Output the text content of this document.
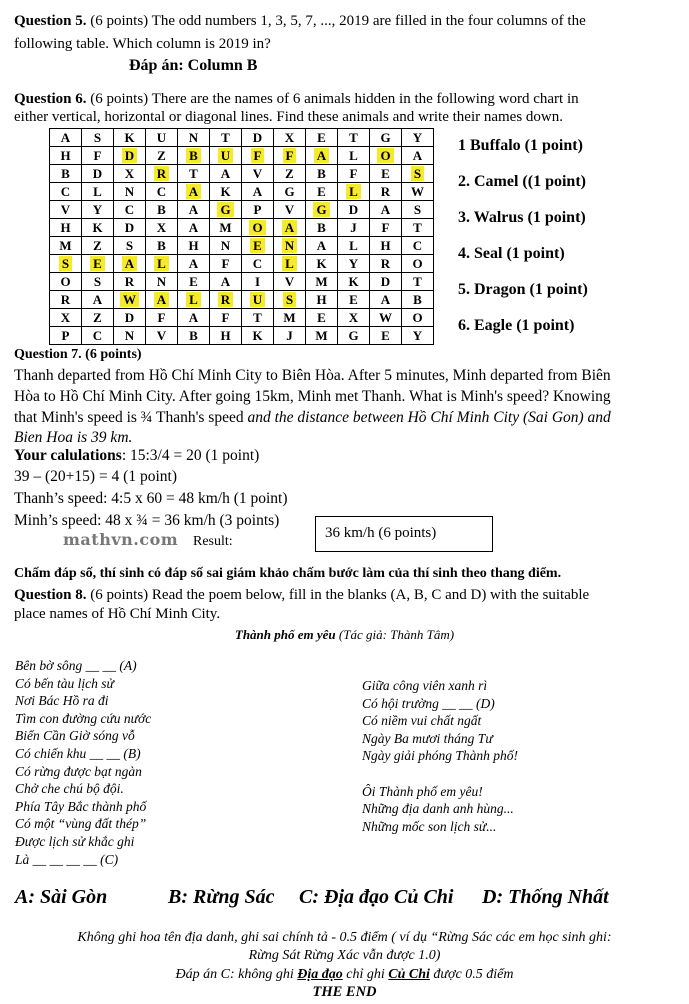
Question 5. (6 points) The odd numbers 1, 3, 5, 7, ..., 2019 are filled in the four columns of the
following table. Which column is 2019 in?
Đáp án: Column B
Question 6. (6 points) There are the names of 6 animals hidden in the following word chart in
either vertical, horizontal or diagonal lines. Find these animals and write their names down.
A	S	K	U	N	T	D	X	E	T	G	Y
H	F	D	Z	B	U	F	F	A	L	O	A
B	D	X	R	T	A	V	Z	B	F	E	S
C	L	N	C	A	K	A	G	E	L	R	W
V	Y	C	B	A	G	P	V	G	D	A	S
H	K	D	X	A	M	O	A	B	J	F	T
M	Z	S	B	H	N	E	N	A	L	H	C
S	E	A	L	A	F	C	L	K	Y	R	O
O	S	R	N	E	A	I	V	M	K	D	T
R	A	W	A	L	R	U	S	H	E	A	B
X	Z	D	F	A	F	T	M	E	X	W	O
P	C	N	V	B	H	K	J	M	G	E	Y
1 Buffalo (1 point)
2. Camel ((1 point)
3. Walrus (1 point)
4. Seal (1 point)
5. Dragon (1 point)
6. Eagle (1 point)
Question 7. (6 points)
Thanh departed from Hồ Chí Minh City to Biên Hòa. After 5 minutes, Minh departed from Biên
Hòa to Hồ Chí Minh City. After going 15km, Minh met Thanh. What is Minh's speed? Knowing
that Minh's speed is ¾ Thanh's speed and the distance between Hồ Chí Minh City (Sai Gon) and
Bien Hoa is 39 km.
Your calulations: 15:3/4 = 20 (1 point)
39 – (20+15) = 4 (1 point)
Thanh’s speed: 4:5 x 60 = 48 km/h (1 point)
Minh’s speed: 48 x ¾ = 36 km/h (3 points)
mathvn.com Result:
36 km/h (6 points)
Chấm đáp số, thí sinh có đáp số sai giám khảo chấm bước làm của thí sinh theo thang điểm.
Question 8. (6 points) Read the poem below, fill in the blanks (A, B, C and D) with the suitable
place names of Hồ Chí Minh City.
Thành phố em yêu (Tác giả: Thành Tâm)
Bên bờ sông __ __ (A)
Có bến tàu lịch sử
Nơi Bác Hồ ra đi
Tìm con đường cứu nước
Biển Cần Giờ sóng vỗ
Có chiến khu __ __ (B)
Có rừng được bạt ngàn
Chở che chú bộ đội.
Phía Tây Bắc thành phố
Có một “vùng đất thép”
Được lịch sử khắc ghi
Là __ __ __ __ (C)
Giữa công viên xanh rì
Có hội trường __ __ (D)
Có niềm vui chất ngất
Ngày Ba mươi tháng Tư
Ngày giải phóng Thành phố!
Ôi Thành phố em yêu!
Những địa danh anh hùng...
Những mốc son lịch sử...
A: Sài Gòn	B: Rừng Sác C: Địa đạo Củ Chi D: Thống Nhất
Không ghi hoa tên địa danh, ghi sai chính tả - 0.5 điểm ( ví dụ “Rừng Sác các em học sinh ghi:
Rừng Sát Rừng Xác vẫn được 1.0)
Đáp án C: không ghi Địa đạo chỉ ghi Củ Chi được 0.5 điểm
THE END
